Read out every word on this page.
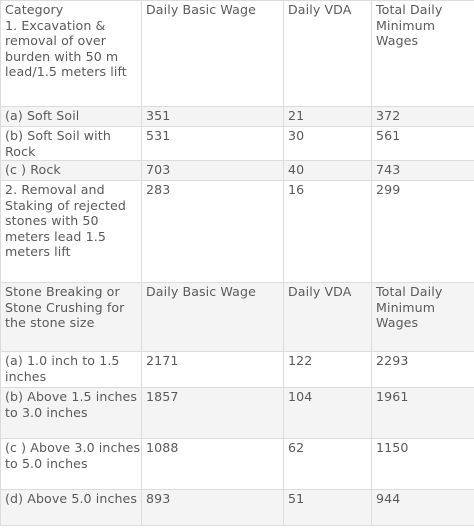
Category
1. Excavation & removal of over burden with 50 m lead/1.5 meters lift	Daily Basic Wage	Daily VDA	Total Daily Minimum Wages
(a) Soft Soil	351	21	372
(b) Soft Soil with Rock	531	30	561
(c ) Rock	703	40	743
2. Removal and Staking of rejected stones with 50 meters lead 1.5 meters lift	283	16	299
Stone Breaking or Stone Crushing for the stone size	Daily Basic Wage	Daily VDA	Total Daily Minimum Wages
(a) 1.0 inch to 1.5 inches	2171	122	2293
(b) Above 1.5 inches to 3.0 inches	1857	104	1961
(c ) Above 3.0 inches to 5.0 inches	1088	62	1150
(d) Above 5.0 inches	893	51	944
